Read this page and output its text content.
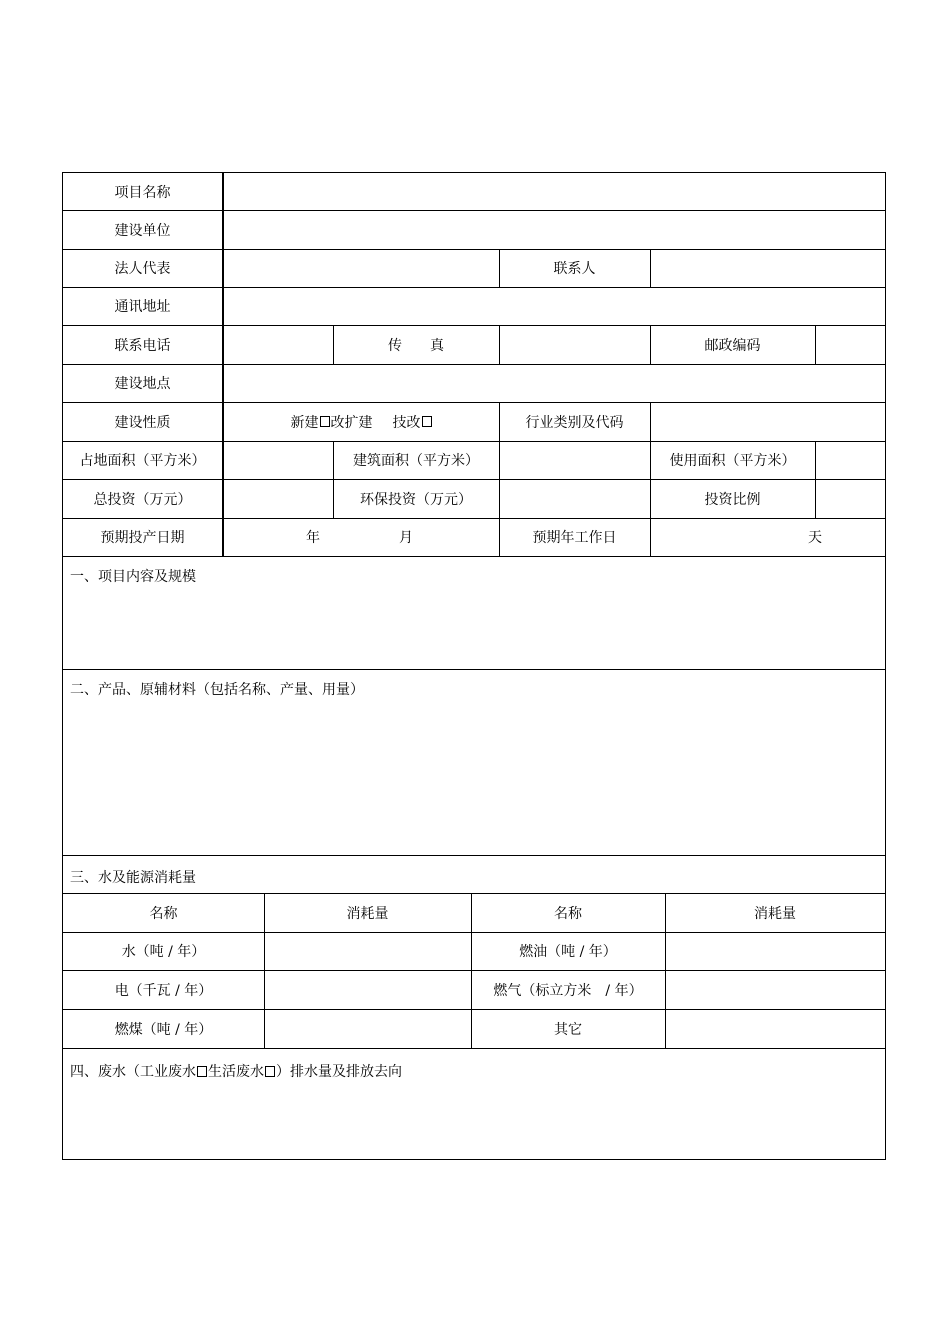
项目名称
建设单位
法人代表	联系人
通讯地址
联系电话	传　　真	邮政编码
建设地点
建设性质	新建 改扩建 技改	行业类别及代码
占地面积（平方米）	建筑面积（平方米）	使用面积（平方米）
总投资（万元）	环保投资（万元）	投资比例
预期投产日期	年	月	预期年工作日	天
一、项目内容及规模
二、产品、原辅材料（包括名称、产量、用量）
三、水及能源消耗量
名称	消耗量	名称	消耗量
水（吨 / 年）	燃油（吨 / 年）
电（千瓦 / 年）	燃气（标立方米　/ 年）
燃煤（吨 / 年）	其它
四、废水（工业废水 生活废水 ）排水量及排放去向
